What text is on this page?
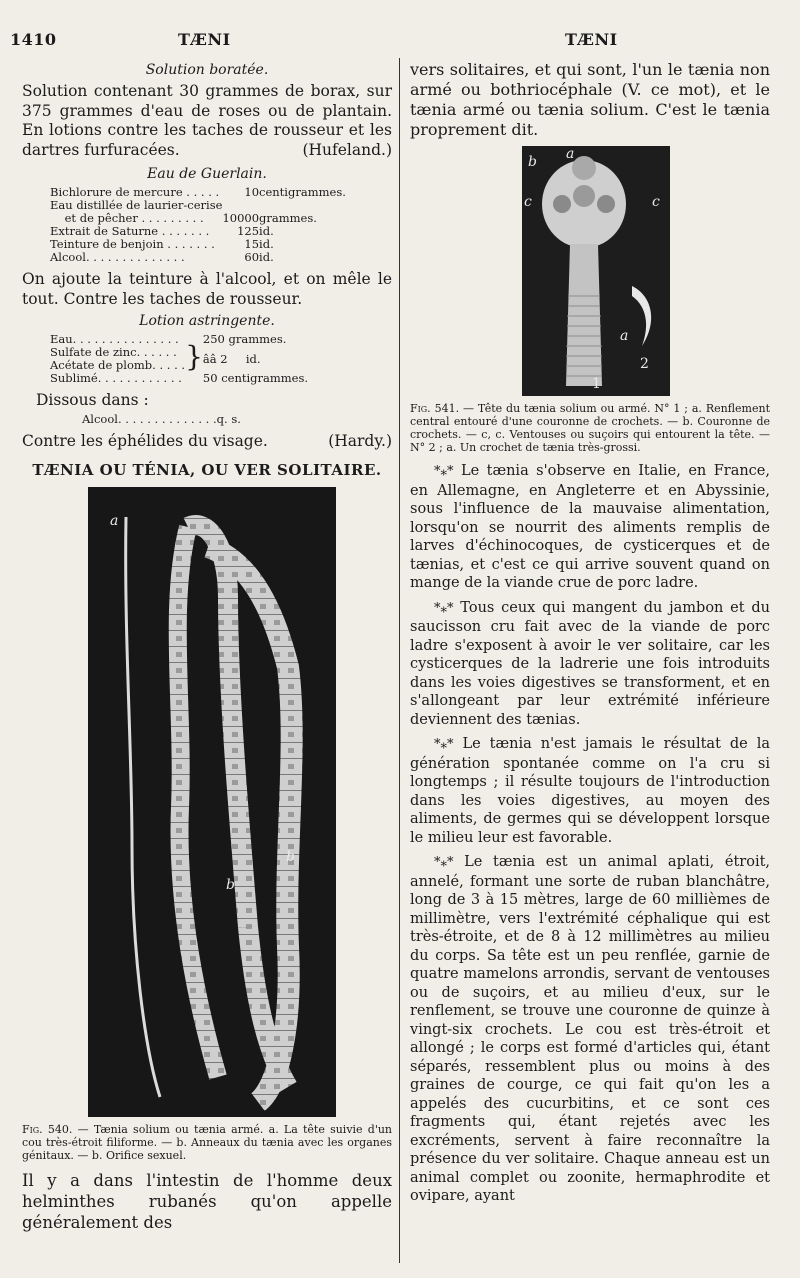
1410	TÆNI	TÆNI
Solution boratée.

Solution contenant 30 grammes de borax, sur 375 grammes d'eau de roses ou de plantain. En lotions contre les taches de rousseur et les dartres furfuracées.	(Hufeland.)

Eau de Guerlain.
Bichlorure de mercure . . . . .	10	centigrammes.
Eau distillée de laurier-cerise		
et de pêcher . . . . . . . . .	10000	grammes.
Extrait de Saturne . . . . . . .	125	id.
Teinture de benjoin . . . . . . .	15	id.
Alcool. . . . . . . . . . . . . .	60	id.

On ajoute la teinture à l'alcool, et on mêle le tout. Contre les taches de rousseur.

Lotion astringente.
Eau. . . . . . . . . . . . . . .		250 grammes.
Sulfate de zinc. . . . . .	}	ââ 2 id.
Acétate de plomb. . . . .		
Sublimé. . . . . . . . . . . .		50 centigrammes.

Dissous dans :

Alcool. . . . . . . . . . . . . .	q. s.

Contre les éphélides du visage.	(Hardy.)

TÆNIA OU TÉNIA, OU VER SOLITAIRE.
a
b
b

Fig. 540. — Tænia solium ou tænia armé. a. La tête suivie d'un cou très-étroit filiforme. — b. Anneaux du tænia avec les organes génitaux. — b. Orifice sexuel.

Il y a dans l'intestin de l'homme deux helminthes rubanés qu'on appelle généralement des

vers solitaires, et qui sont, l'un le tænia non armé ou bothriocéphale (V. ce mot), et le tænia armé ou tænia solium. C'est le tænia proprement dit.

b a
c	c
a
2
1

Fig. 541. — Tête du tænia solium ou armé. N° 1 ; a. Renflement central entouré d'une couronne de crochets. — b. Couronne de crochets. — c, c. Ventouses ou suçoirs qui entourent la tête. — N° 2 ; a. Un crochet de tænia très-grossi.

*⁎* Le tænia s'observe en Italie, en France, en Allemagne, en Angleterre et en Abyssinie, sous l'influence de la mauvaise alimentation, lorsqu'on se nourrit des aliments remplis de larves d'échinocoques, de cysticerques et de tænias, et c'est ce qui arrive souvent quand on mange de la viande crue de porc ladre.

*⁎* Tous ceux qui mangent du jambon et du saucisson cru fait avec de la viande de porc ladre s'exposent à avoir le ver solitaire, car les cysticerques de la ladrerie une fois introduits dans les voies digestives se transforment, et en s'allongeant par leur extrémité inférieure deviennent des tænias.

*⁎* Le tænia n'est jamais le résultat de la génération spontanée comme on l'a cru si longtemps ; il résulte toujours de l'introduction dans les voies digestives, au moyen des aliments, de germes qui se développent lorsque le milieu leur est favorable.

*⁎* Le tænia est un animal aplati, étroit, annelé, formant une sorte de ruban blanchâtre, long de 3 à 15 mètres, large de 60 millièmes de millimètre, vers l'extrémité céphalique qui est très-étroite, et de 8 à 12 millimètres au milieu du corps. Sa tête est un peu renflée, garnie de quatre mamelons arrondis, servant de ventouses ou de suçoirs, et au milieu d'eux, sur le renflement, se trouve une couronne de quinze à vingt-six crochets. Le cou est très-étroit et allongé ; le corps est formé d'articles qui, étant séparés, ressemblent plus ou moins à des graines de courge, ce qui fait qu'on les a appelés des cucurbitins, et ce sont ces fragments qui, étant rejetés avec les excréments, servent à faire reconnaître la présence du ver solitaire. Chaque anneau est un animal complet ou zoonite, hermaphrodite et ovipare, ayant
